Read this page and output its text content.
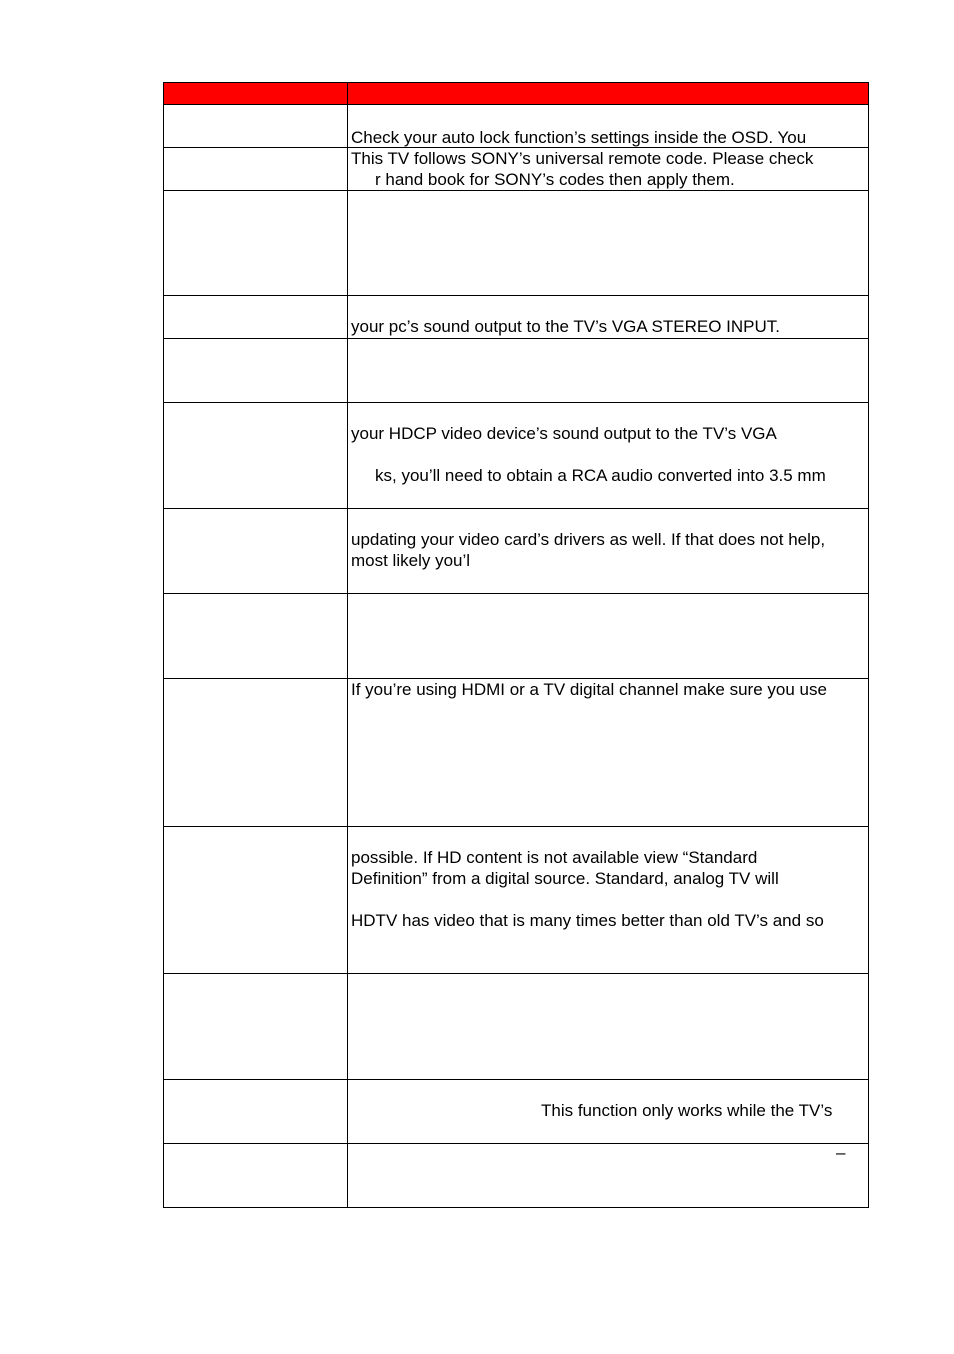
	Check your auto lock function’s settings inside the OSD. You

	This TV follows SONY’s universal remote code. Please check
r hand book for SONY’s codes then apply them.

	your pc’s sound output to the TV’s VGA STEREO INPUT.

	your HDCP video device’s sound output to the TV’s VGA
ks, you’ll need to obtain a RCA audio converted into 3.5 mm

	updating your video card’s drivers as well. If that does not help,
most likely you’l

	If you’re using HDMI or a TV digital channel make sure you use

	possible. If HD content is not available view “Standard
Definition” from a digital source. Standard, analog TV will
HDTV has video that is many times better than old TV’s and so

	This function only works while the TV’s

	–
